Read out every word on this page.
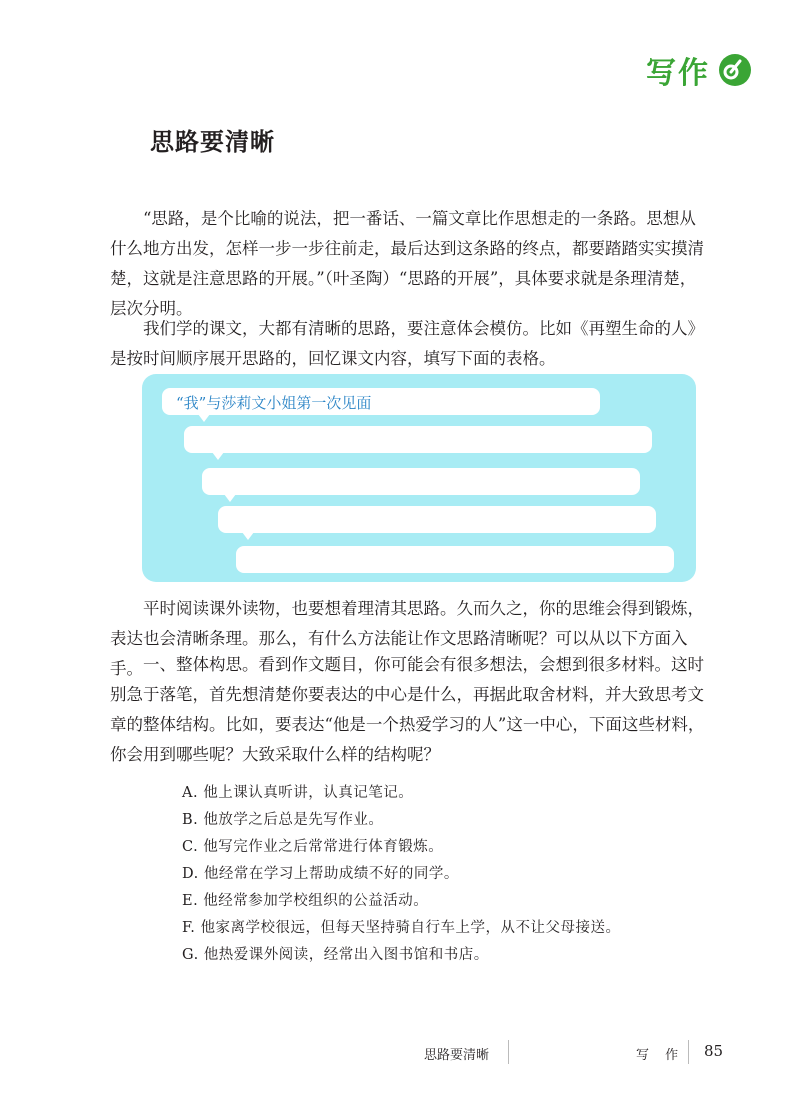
写作
思路要清晰

“思路，是个比喻的说法，把一番话、一篇文章比作思想走的一条路。思想从什么地方出发，怎样一步一步往前走，最后达到这条路的终点，都要踏踏实实摸清楚，这就是注意思路的开展。”（叶圣陶）“思路的开展”，具体要求就是条理清楚，层次分明。

我们学的课文，大都有清晰的思路，要注意体会模仿。比如《再塑生命的人》是按时间顺序展开思路的，回忆课文内容，填写下面的表格。

“我”与莎莉文小姐第一次见面

平时阅读课外读物，也要想着理清其思路。久而久之，你的思维会得到锻炼，表达也会清晰条理。那么，有什么方法能让作文思路清晰呢？可以从以下方面入手。 一、整体构思。看到作文题目，你可能会有很多想法，会想到很多材料。这时别急于落笔，首先想清楚你要表达的中心是什么，再据此取舍材料，并大致思考文章的整体结构。比如，要表达“他是一个热爱学习的人”这一中心，下面这些材料，你会用到哪些呢？大致采取什么样的结构呢？

A. 他上课认真听讲，认真记笔记。
B. 他放学之后总是先写作业。
C. 他写完作业之后常常进行体育锻炼。
D. 他经常在学习上帮助成绩不好的同学。
E. 他经常参加学校组织的公益活动。
F. 他家离学校很远，但每天坚持骑自行车上学，从不让父母接送。
G. 他热爱课外阅读，经常出入图书馆和书店。
思路要清晰	写 作 85
